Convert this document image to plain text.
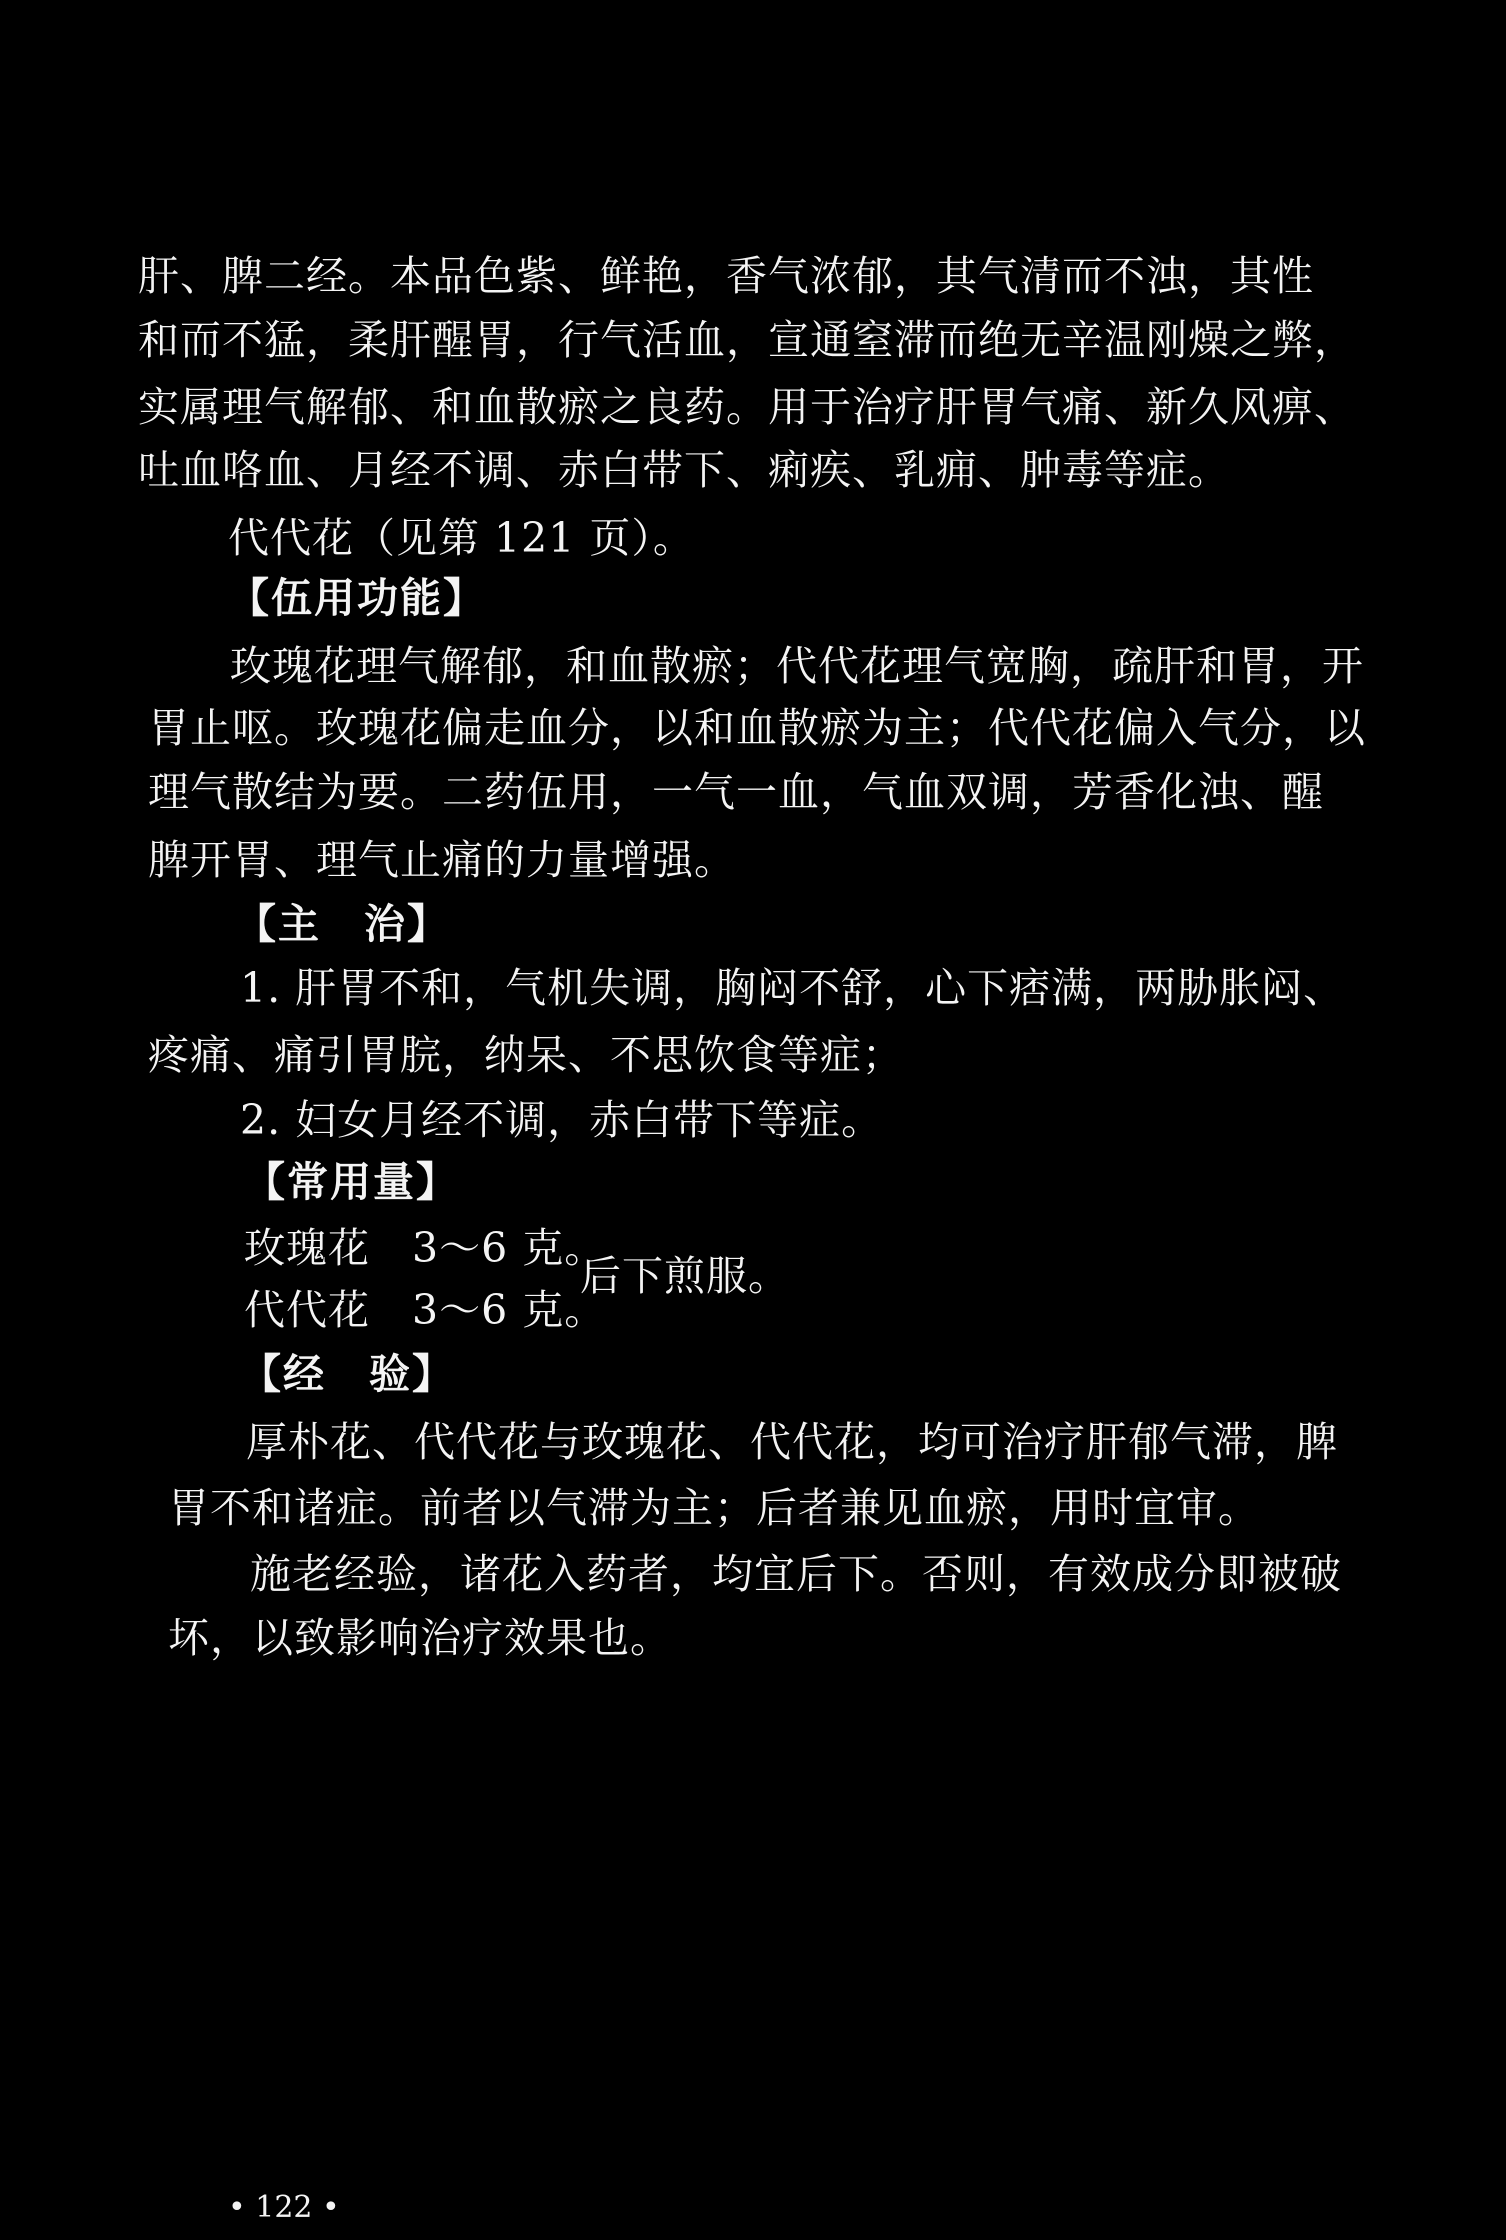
肝、脾二经。本品色紫、鲜艳，香气浓郁，其气清而不浊，其性
和而不猛，柔肝醒胃，行气活血，宣通窒滞而绝无辛温刚燥之弊，
实属理气解郁、和血散瘀之良药。用于治疗肝胃气痛、新久风痹、
吐血咯血、月经不调、赤白带下、痢疾、乳痈、肿毒等症。
代代花（见第 121 页）。
【伍用功能】
玫瑰花理气解郁，和血散瘀；代代花理气宽胸，疏肝和胃，开
胃止呕。玫瑰花偏走血分，以和血散瘀为主；代代花偏入气分，以
理气散结为要。二药伍用，一气一血，气血双调，芳香化浊、醒
脾开胃、理气止痛的力量增强。
【主　治】
1. 肝胃不和，气机失调，胸闷不舒，心下痞满，两胁胀闷、
疼痛、痛引胃脘，纳呆、不思饮食等症；
2. 妇女月经不调，赤白带下等症。
【常用量】
玫瑰花　3～6 克。
代代花　3～6 克。
后下煎服。
【经　验】
厚朴花、代代花与玫瑰花、代代花，均可治疗肝郁气滞，脾
胃不和诸症。前者以气滞为主；后者兼见血瘀，用时宜审。
施老经验，诸花入药者，均宜后下。否则，有效成分即被破
坏，以致影响治疗效果也。
• 122 •
